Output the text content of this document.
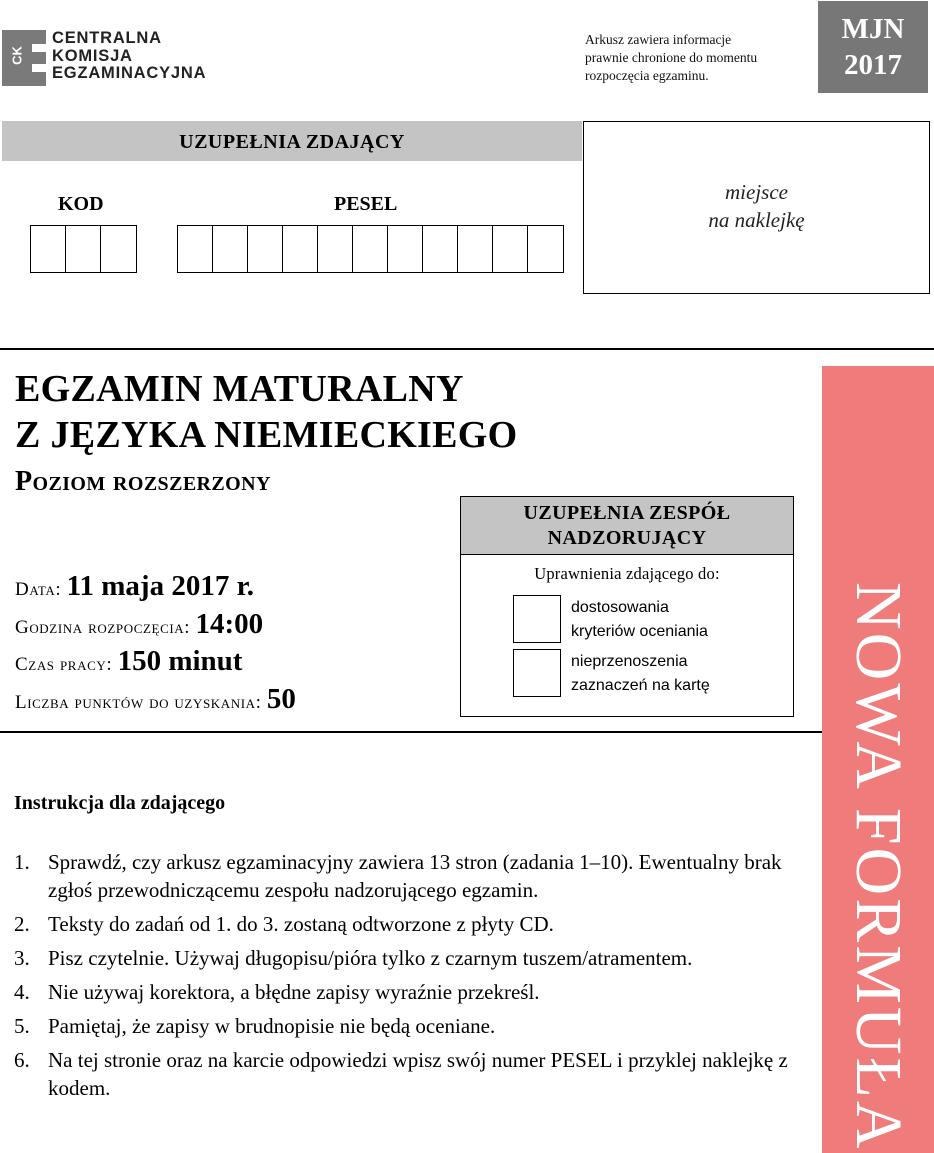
CK
CENTRALNA
KOMISJA
EGZAMINACYJNA
Arkusz zawiera informacje
prawnie chronione do momentu
rozpoczęcia egzaminu.
MJN
2017
UZUPEŁNIA ZDAJĄCY
KOD	PESEL	miejsce
na naklejkę
EGZAMIN MATURALNY
Z JĘZYKA NIEMIECKIEGO
Poziom rozszerzony
Data: 11 maja 2017 r.
Godzina rozpoczęcia: 14:00
Czas pracy: 150 minut
Liczba punktów do uzyskania: 50
UZUPEŁNIA ZESPÓŁ
NADZORUJĄCY
Uprawnienia zdającego do:
dostosowania
kryteriów oceniania
nieprzenoszenia
zaznaczeń na kartę	NOWA FORMUŁA
Instrukcja dla zdającego
1. Sprawdź, czy arkusz egzaminacyjny zawiera 13 stron (zadania 1–10). Ewentualny brak zgłoś przewodniczącemu zespołu nadzorującego egzamin.
2. Teksty do zadań od 1. do 3. zostaną odtworzone z płyty CD.
3. Pisz czytelnie. Używaj długopisu/pióra tylko z czarnym tuszem/atramentem.
4. Nie używaj korektora, a błędne zapisy wyraźnie przekreśl.
5. Pamiętaj, że zapisy w brudnopisie nie będą oceniane.
6. Na tej stronie oraz na karcie odpowiedzi wpisz swój numer PESEL i przyklej naklejkę z kodem.
